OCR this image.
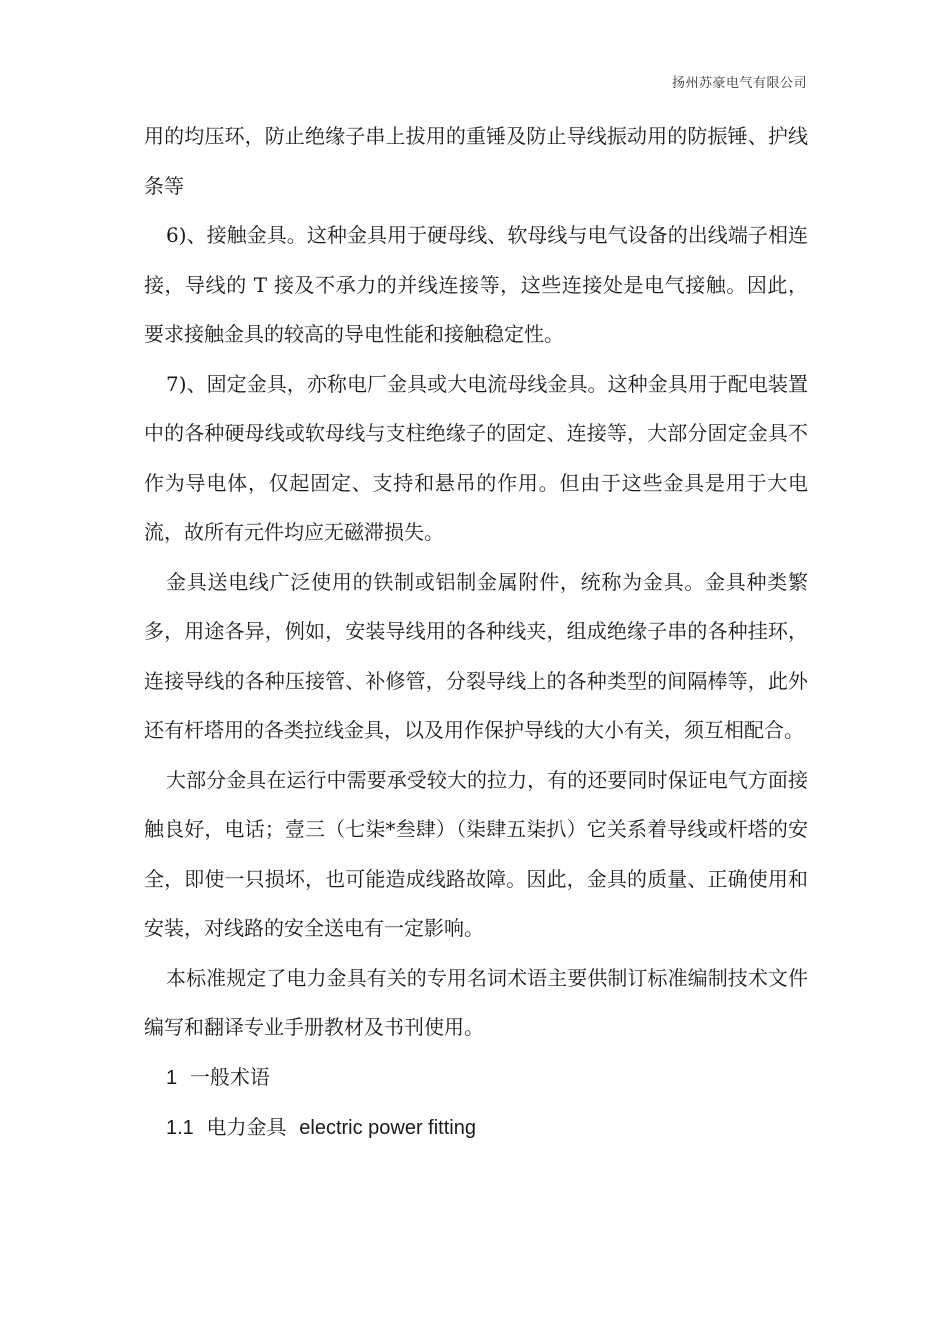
扬州苏豪电气有限公司

用的均压环，防止绝缘子串上拔用的重锤及防止导线振动用的防振锤、护线条等

6)、接触金具。这种金具用于硬母线、软母线与电气设备的出线端子相连接，导线的 T 接及不承力的并线连接等，这些连接处是电气接触。因此，要求接触金具的较高的导电性能和接触稳定性。

7)、固定金具，亦称电厂金具或大电流母线金具。这种金具用于配电装置中的各种硬母线或软母线与支柱绝缘子的固定、连接等，大部分固定金具不作为导电体，仅起固定、支持和悬吊的作用。但由于这些金具是用于大电流，故所有元件均应无磁滞损失。

金具送电线广泛使用的铁制或铝制金属附件，统称为金具。金具种类繁多，用途各异，例如，安装导线用的各种线夹，组成绝缘子串的各种挂环，连接导线的各种压接管、补修管，分裂导线上的各种类型的间隔棒等，此外还有杆塔用的各类拉线金具，以及用作保护导线的大小有关，须互相配合。

大部分金具在运行中需要承受较大的拉力，有的还要同时保证电气方面接触良好，电话；壹三（七柒*叁肆）（柒肆五柒扒）它关系着导线或杆塔的安全，即使一只损坏，也可能造成线路故障。因此，金具的质量、正确使用和安装，对线路的安全送电有一定影响。

本标准规定了电力金具有关的专用名词术语主要供制订标准编制技术文件编写和翻译专业手册教材及书刊使用。

1 一般术语

1.1 电力金具 electric power fitting
